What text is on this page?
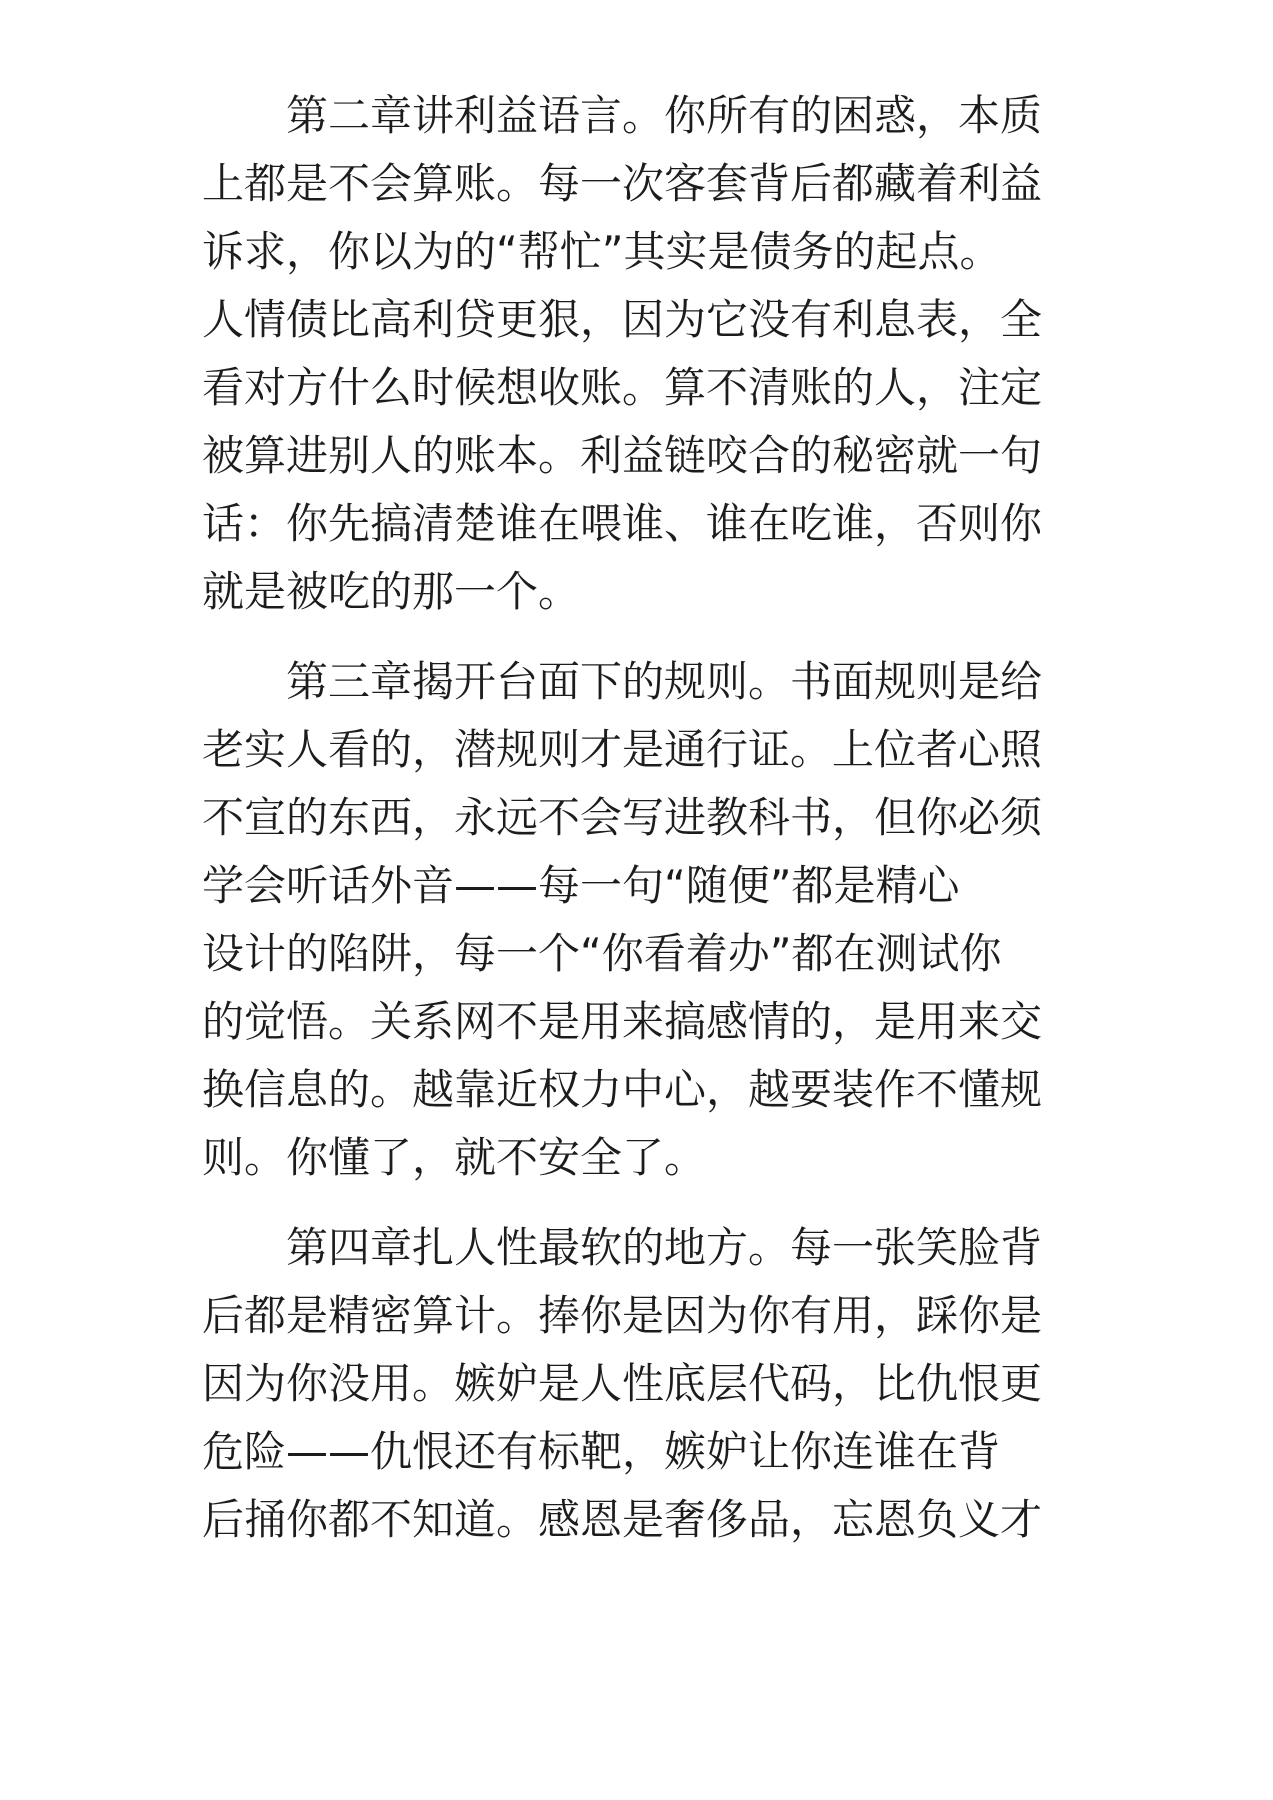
第二章讲利益语言。你所有的困惑，本质
上都是不会算账。每一次客套背后都藏着利益
诉求，你以为的“帮忙”其实是债务的起点。
人情债比高利贷更狠，因为它没有利息表，全
看对方什么时候想收账。算不清账的人，注定
被算进别人的账本。利益链咬合的秘密就一句
话：你先搞清楚谁在喂谁、谁在吃谁，否则你
就是被吃的那一个。

第三章揭开台面下的规则。书面规则是给
老实人看的，潜规则才是通行证。上位者心照
不宣的东西，永远不会写进教科书，但你必须
学会听话外音——每一句“随便”都是精心
设计的陷阱，每一个“你看着办”都在测试你
的觉悟。关系网不是用来搞感情的，是用来交
换信息的。越靠近权力中心，越要装作不懂规
则。你懂了，就不安全了。

第四章扎人性最软的地方。每一张笑脸背
后都是精密算计。捧你是因为你有用，踩你是
因为你没用。嫉妒是人性底层代码，比仇恨更
危险——仇恨还有标靶，嫉妒让你连谁在背
后捅你都不知道。感恩是奢侈品，忘恩负义才
